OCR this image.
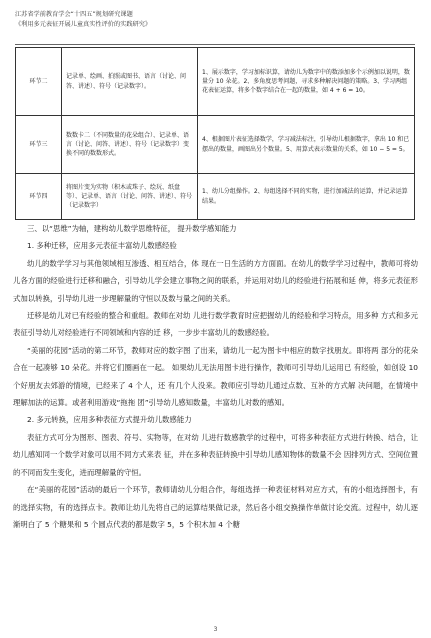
江苏省学前教育学会“十四五”规划研究课题
《利用多元表征开展儿童真实性评价的实践研究》
环节二	记录单、绘画、拍照或图书、语言（讨论、问答、讲述）、符号（记录数字）。	1、展示数字，学习加标识算，请幼儿为数字中的数添加多个示例加以说明，数量分 10 朵花。2、多角度思考问题，寻求多种解决问题的策略。3、学习两组花表征运算，将多个数字结合在一起的数量，如 4 + 6 = 10。
环节三	数数卡二（不同数量的花朵组合）、记录单、语言（讨论、问答、讲述）、符号（记录数字）变换不同的数数形式。	4、根据图片表征选择数学，学习减法标注，引导幼儿根据数字，拿出 10 和已摆出的数量，画图出另个数量。5、用算式表示数量的关系，如 10 − 5 = 5。
环节四	将图片变为实物（积木或珠子、绘玩、纸盘等）、记录单、语言（讨论、问答、讲述）、符号（记录数字）	1、幼儿分组操作。2、每组选择不同的实物，进行加减法的运算，并记录运算结果。

三、以“思维”为轴，建构幼儿数学思维特征， 提升数学感知能力

1. 多种迁移，应用多元表征丰富幼儿数感经验

幼儿的数学学习与其他领域相互渗透、相互结合，体 现在一日生活的方方面面。在幼儿的数学学习过程中，教师可将幼儿各方面的经验进行迁移和融合，引导幼儿学会建立事物之间的联系，并运用对幼儿的经验进行拓展和延 伸，将多元表征形式加以转换，引导幼儿进一步理解量的守恒以及数与量之间的关系。

迁移是幼儿对已有经验的整合和重组。教师在对幼 儿进行数学教育时应把握幼儿的经验和学习特点，用多种 方式和多元表征引导幼儿对经验进行不同领域和内容的迁 移，一步步丰富幼儿的数感经验。

“美丽的花园”活动的第二环节，教师对应的数字图 了出来，请幼儿一起为图卡中相应的数字找朋友。即将两 部分的花朵合在一起凑够 10 朵花。并将它们圈画在一起。 如果幼儿无法用图卡进行操作，教师可引导幼儿运用已 有经验，如创设 10 个好朋友去郊游的情境，已经来了 4 个人，还 有几个人没来。教师应引导幼儿通过点数、互补的方式解 决问题，在情境中理解加法的运算。或者利用游戏“拖拖 团”引导幼儿感知数量，丰富幼儿对数的感知。

2. 多元转换，应用多种表征方式提升幼儿数感能力

表征方式可分为图形、图表、符号、实物等，在对幼 儿进行数感教学的过程中，可将多种表征方式进行转换、结合，让幼儿感知同一个数学对象可以用不同方式来表 征，并在多种表征转换中引导幼儿感知物体的数量不会 因排列方式、空间位置的不同而发生变化，进而理解量的守恒。

在“美丽的花园”活动的最后一个环节，教师请幼儿分组合作，每组选择一种表征材料对应方式，有的小组选择图卡，有的选择实物，有的选择点卡。教师让幼儿先将自己的运算结果做记录，然后各小组交换操作单做讨论交流。过程中，幼儿逐渐明白了 5 个糖果和 5 个圆点代表的都是数字 5，5 个积木加 4 个糖

3
